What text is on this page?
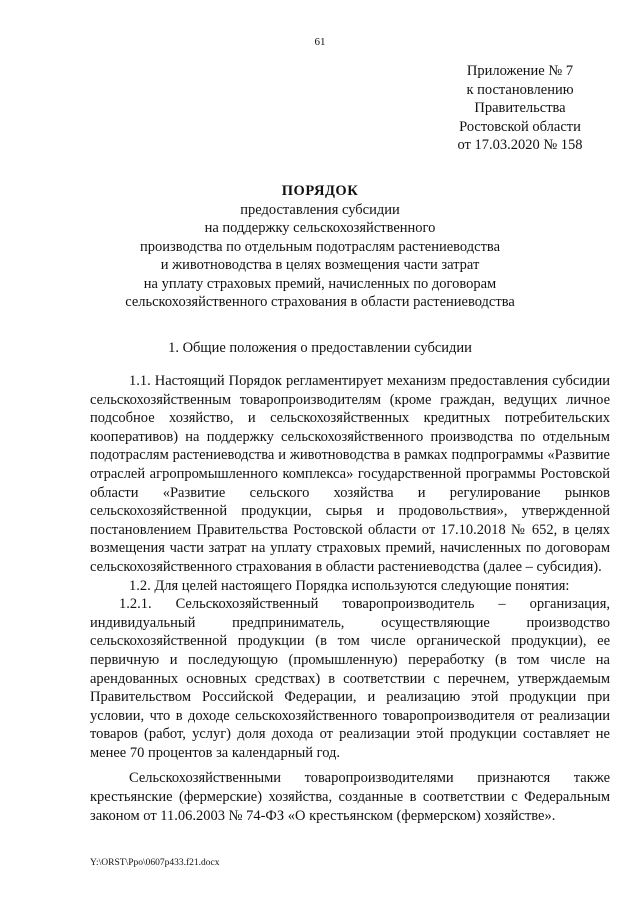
61
Приложение № 7
к постановлению
Правительства
Ростовской области
от 17.03.2020 № 158
ПОРЯДОК
предоставления субсидии
на поддержку сельскохозяйственного
производства по отдельным подотраслям растениеводства
и животноводства в целях возмещения части затрат
на уплату страховых премий, начисленных по договорам
сельскохозяйственного страхования в области растениеводства
1. Общие положения о предоставлении субсидии

1.1. Настоящий Порядок регламентирует механизм предоставления субсидии сельскохозяйственным товаропроизводителям (кроме граждан, ведущих личное подсобное хозяйство, и сельскохозяйственных кредитных потребительских кооперативов) на поддержку сельскохозяйственного производства по отдельным подотраслям растениеводства и животноводства в рамках подпрограммы «Развитие отраслей агропромышленного комплекса» государственной программы Ростовской области «Развитие сельского хозяйства и регулирование рынков сельскохозяйственной продукции, сырья и продовольствия», утвержденной постановлением Правительства Ростовской области от 17.10.2018 № 652, в целях возмещения части затрат на уплату страховых премий, начисленных по договорам сельскохозяйственного страхования в области растениеводства (далее – субсидия).

1.2. Для целей настоящего Порядка используются следующие понятия:

1.2.1. Сельскохозяйственный товаропроизводитель – организация, индивидуальный предприниматель, осуществляющие производство сельскохозяйственной продукции (в том числе органической продукции), ее первичную и последующую (промышленную) переработку (в том числе на арендованных основных средствах) в соответствии с перечнем, утверждаемым Правительством Российской Федерации, и реализацию этой продукции при условии, что в доходе сельскохозяйственного товаропроизводителя от реализации товаров (работ, услуг) доля дохода от реализации этой продукции составляет не менее 70 процентов за календарный год.

Сельскохозяйственными товаропроизводителями признаются также крестьянские (фермерские) хозяйства, созданные в соответствии с Федеральным законом от 11.06.2003 № 74-ФЗ «О крестьянском (фермерском) хозяйстве».

Y:\ORST\Ppo\0607p433.f21.docx
